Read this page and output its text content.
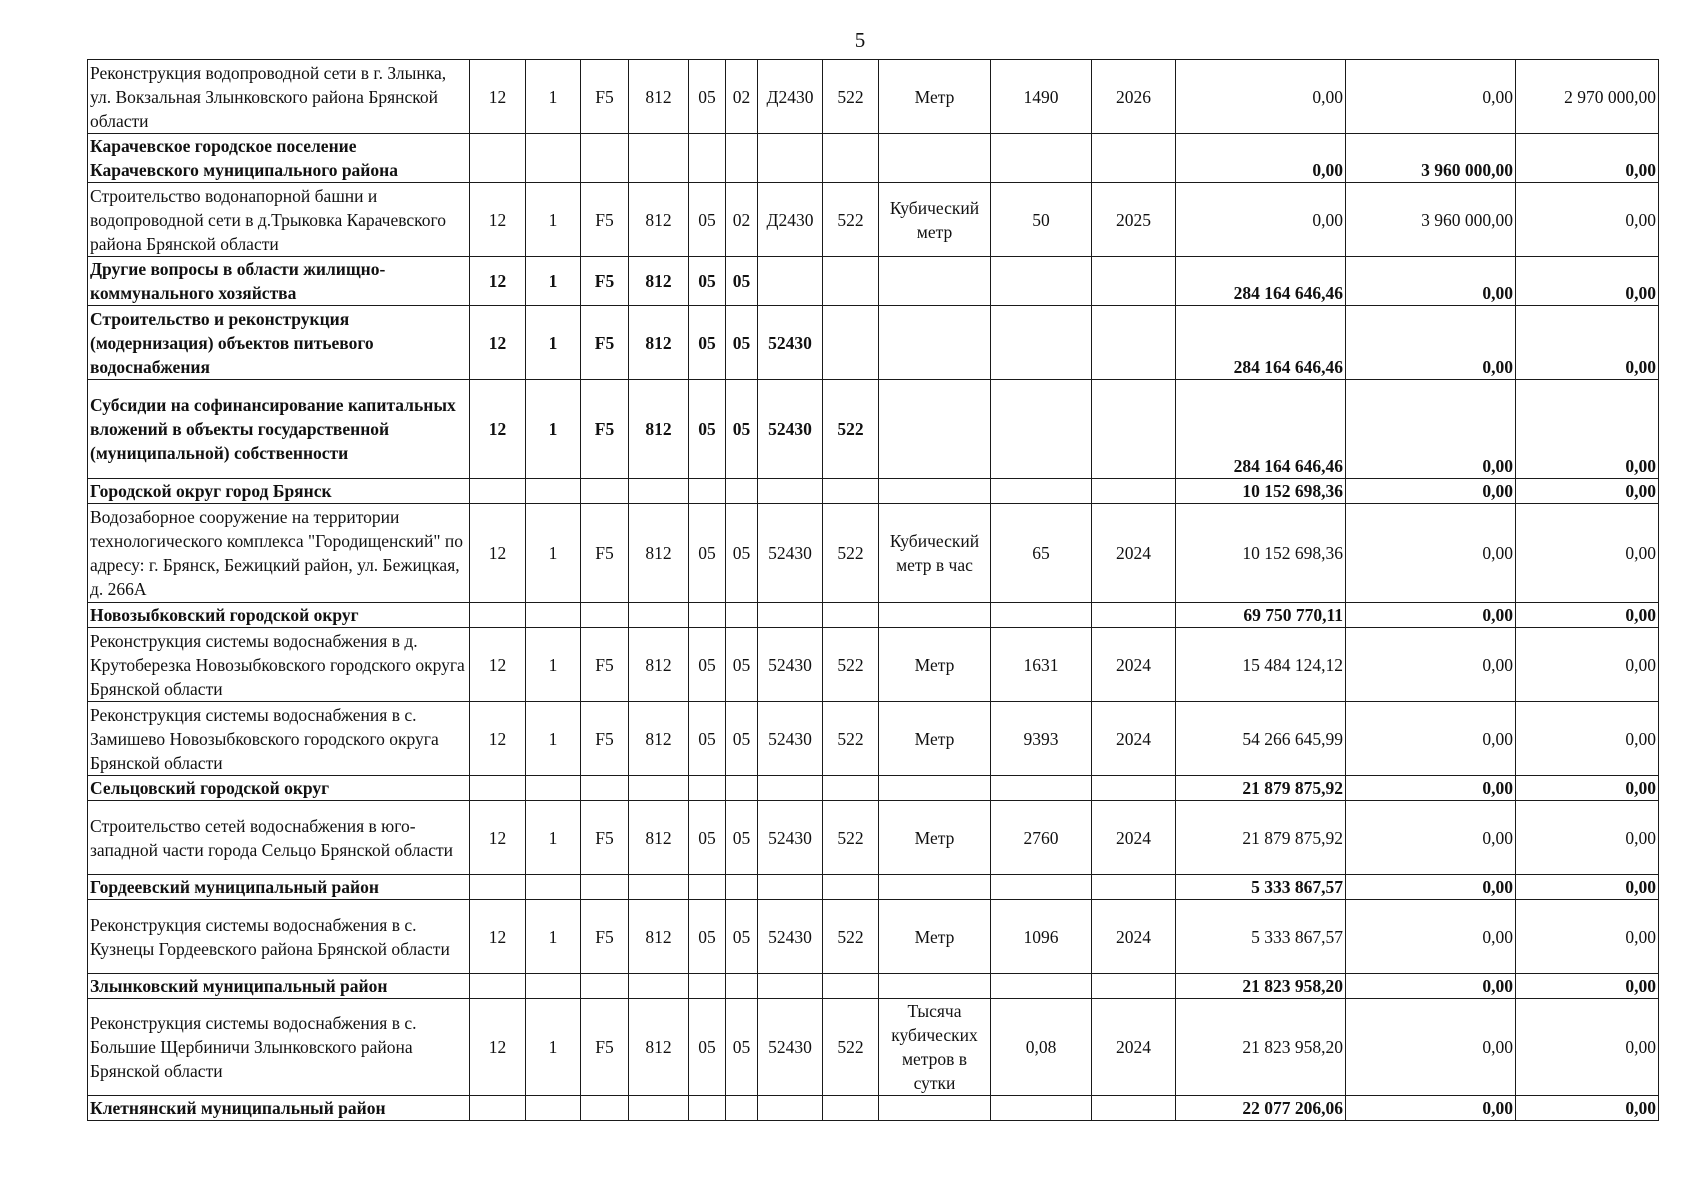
5
Реконструкция водопроводной сети в г. Злынка, ул. Вокзальная Злынковского района Брянской области	12	1	F5	812	05	02	Д2430	522	Метр	1490	2026	0,00	0,00	2 970 000,00
Карачевское городское поселение Карачевского муниципального района												0,00	3 960 000,00	0,00
Строительство водонапорной башни и водопроводной сети в д.Трыковка Карачевского района Брянской области	12	1	F5	812	05	02	Д2430	522	Кубический метр	50	2025	0,00	3 960 000,00	0,00
Другие вопросы в области жилищно-коммунального хозяйства	12	1	F5	812	05	05						284 164 646,46	0,00	0,00
Строительство и реконструкция (модернизация) объектов питьевого водоснабжения	12	1	F5	812	05	05	52430					284 164 646,46	0,00	0,00
Субсидии на софинансирование капитальных вложений в объекты государственной (муниципальной) собственности	12	1	F5	812	05	05	52430	522				284 164 646,46	0,00	0,00
Городской округ город Брянск												10 152 698,36	0,00	0,00
Водозаборное сооружение на территории технологического комплекса "Городищенский" по адресу: г. Брянск, Бежицкий район, ул. Бежицкая, д. 266А	12	1	F5	812	05	05	52430	522	Кубический метр в час	65	2024	10 152 698,36	0,00	0,00
Новозыбковский городской округ												69 750 770,11	0,00	0,00
Реконструкция системы водоснабжения в д. Крутоберезка Новозыбковского городского округа Брянской области	12	1	F5	812	05	05	52430	522	Метр	1631	2024	15 484 124,12	0,00	0,00
Реконструкция системы водоснабжения в с. Замишево Новозыбковского городского округа Брянской области	12	1	F5	812	05	05	52430	522	Метр	9393	2024	54 266 645,99	0,00	0,00
Сельцовский городской округ												21 879 875,92	0,00	0,00
Строительство сетей водоснабжения в юго-западной части города Сельцо Брянской области	12	1	F5	812	05	05	52430	522	Метр	2760	2024	21 879 875,92	0,00	0,00
Гордеевский муниципальный район												5 333 867,57	0,00	0,00
Реконструкция системы водоснабжения в с. Кузнецы Гордеевского района Брянской области	12	1	F5	812	05	05	52430	522	Метр	1096	2024	5 333 867,57	0,00	0,00
Злынковский муниципальный район												21 823 958,20	0,00	0,00
Реконструкция системы водоснабжения в с. Большие Щербиничи Злынковского района Брянской области	12	1	F5	812	05	05	52430	522	Тысяча кубических метров в сутки	0,08	2024	21 823 958,20	0,00	0,00
Клетнянский муниципальный район												22 077 206,06	0,00	0,00
